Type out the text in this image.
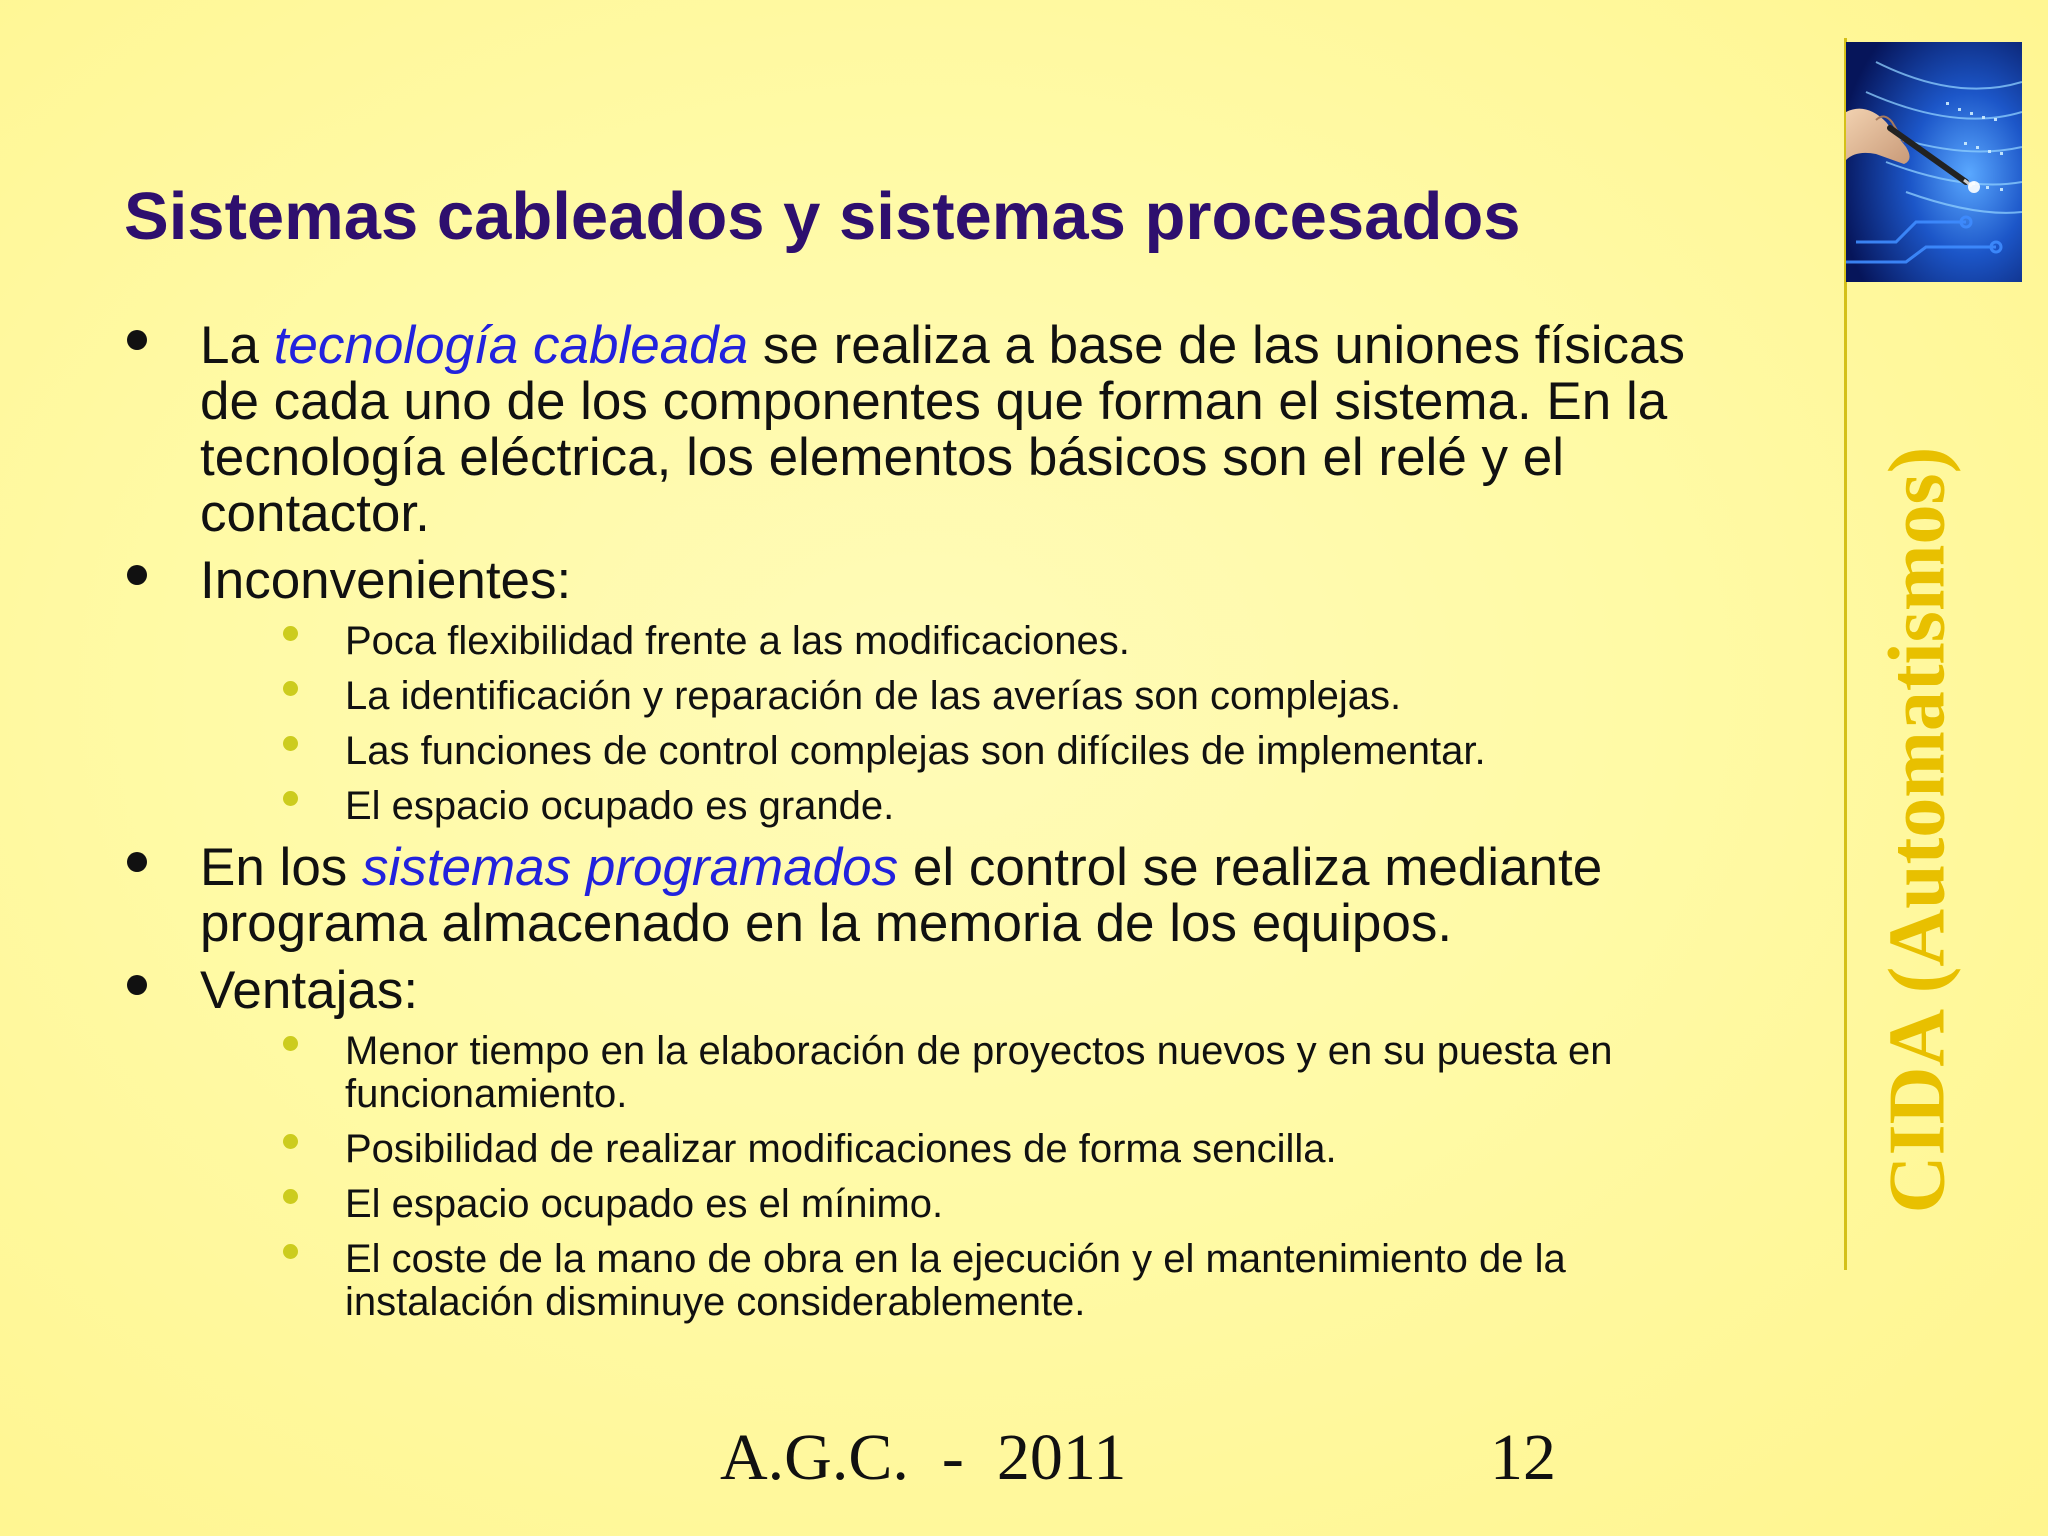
CIDA (Automatismos)
Sistemas cableados y sistemas procesados
La tecnología cableada se realiza a base de las uniones físicas de cada uno de los componentes que forman el sistema. En la tecnología eléctrica, los elementos básicos son el relé y el contactor.
Inconvenientes:
Poca flexibilidad frente a las modificaciones.
La identificación y reparación de las averías son complejas.
Las funciones de control complejas son difíciles de implementar.
El espacio ocupado es grande.
En los sistemas programados el control se realiza mediante programa almacenado en la memoria de los equipos.
Ventajas:
Menor tiempo en la elaboración de proyectos nuevos y en su puesta en funcionamiento.
Posibilidad de realizar modificaciones de forma sencilla.
El espacio ocupado es el mínimo.
El coste de la mano de obra en la ejecución y el mantenimiento de la instalación disminuye considerablemente.
A.G.C.  -  2011	12
